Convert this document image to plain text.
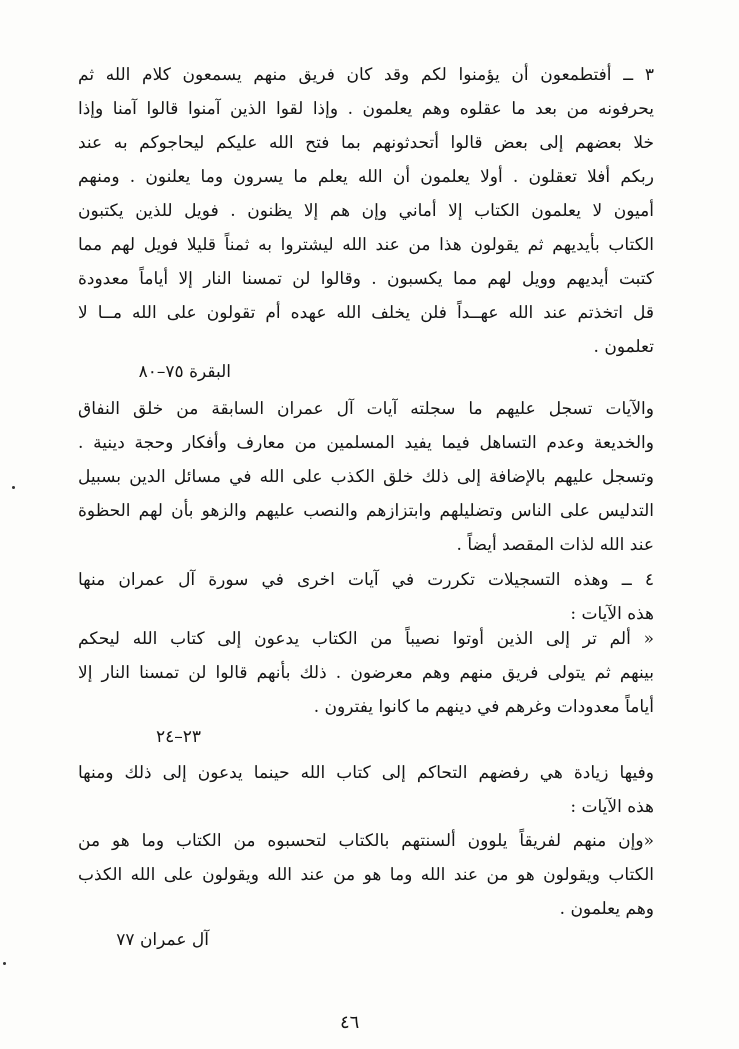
٣ ــ أفتطمعون أن يؤمنوا لكم وقد كان فريق منهم يسمعون كلام الله ثم
يحرفونه من بعد ما عقلوه وهم يعلمون . وإذا لقوا الذين آمنوا قالوا آمنا وإذا
خلا بعضهم إلى بعض قالوا أتحدثونهم بما فتح الله عليكم ليحاجوكم به عند
ربكم أفلا تعقلون . أولا يعلمون أن الله يعلم ما يسرون وما يعلنون . ومنهم
أميون لا يعلمون الكتاب إلا أماني وإن هم إلا يظنون . فويل للذين يكتبون
الكتاب بأيديهم ثم يقولون هذا من عند الله ليشتروا به ثمناً قليلا فويل لهم مما
كتبت أيديهم وويل لهم مما يكسبون . وقالوا لن تمسنا النار إلا أياماً معدودة
قل اتخذتم عند الله عهــداً فلن يخلف الله عهده أم تقولون على الله مــا لا
تعلمون .
البقرة ٧٥–٨٠
والآيات تسجل عليهم ما سجلته آيات آل عمران السابقة من خلق النفاق
والخديعة وعدم التساهل فيما يفيد المسلمين من معارف وأفكار وحجة دينية .
وتسجل عليهم بالإضافة إلى ذلك خلق الكذب على الله في مسائل الدين بسبيل
التدليس على الناس وتضليلهم وابتزازهم والنصب عليهم والزهو بأن لهم الحظوة
عند الله لذات المقصد أيضاً .
٤ ــ وهذه التسجيلات تكررت في آيات اخرى في سورة آل عمران منها
هذه الآيات :
« ألم تر إلى الذين أوتوا نصيباً من الكتاب يدعون إلى كتاب الله ليحكم
بينهم ثم يتولى فريق منهم وهم معرضون . ذلك بأنهم قالوا لن تمسنا النار إلا
أياماً معدودات وغرهم في دينهم ما كانوا يفترون .
٢٣–٢٤
وفيها زيادة هي رفضهم التحاكم إلى كتاب الله حينما يدعون إلى ذلك ومنها
هذه الآيات :
«وإن منهم لفريقاً يلوون ألسنتهم بالكتاب لتحسبوه من الكتاب وما هو من
الكتاب ويقولون هو من عند الله وما هو من عند الله ويقولون على الله الكذب
وهم يعلمون .
آل عمران ٧٧
٤٦
